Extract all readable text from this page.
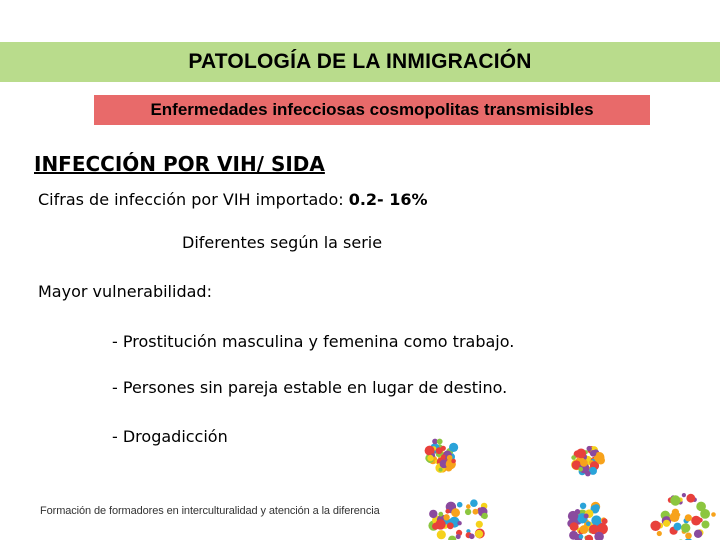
PATOLOGÍA DE LA INMIGRACIÓN
Enfermedades infecciosas cosmopolitas transmisibles
INFECCIÓN POR VIH/ SIDA
Cifras de infección por VIH importado: 0.2- 16%
Diferentes según la serie
Mayor vulnerabilidad:
- Prostitución masculina y femenina como trabajo.
- Persones sin pareja estable en lugar de destino.
- Drogadicción
Formación de formadores en interculturalidad y atención a la diferencia
